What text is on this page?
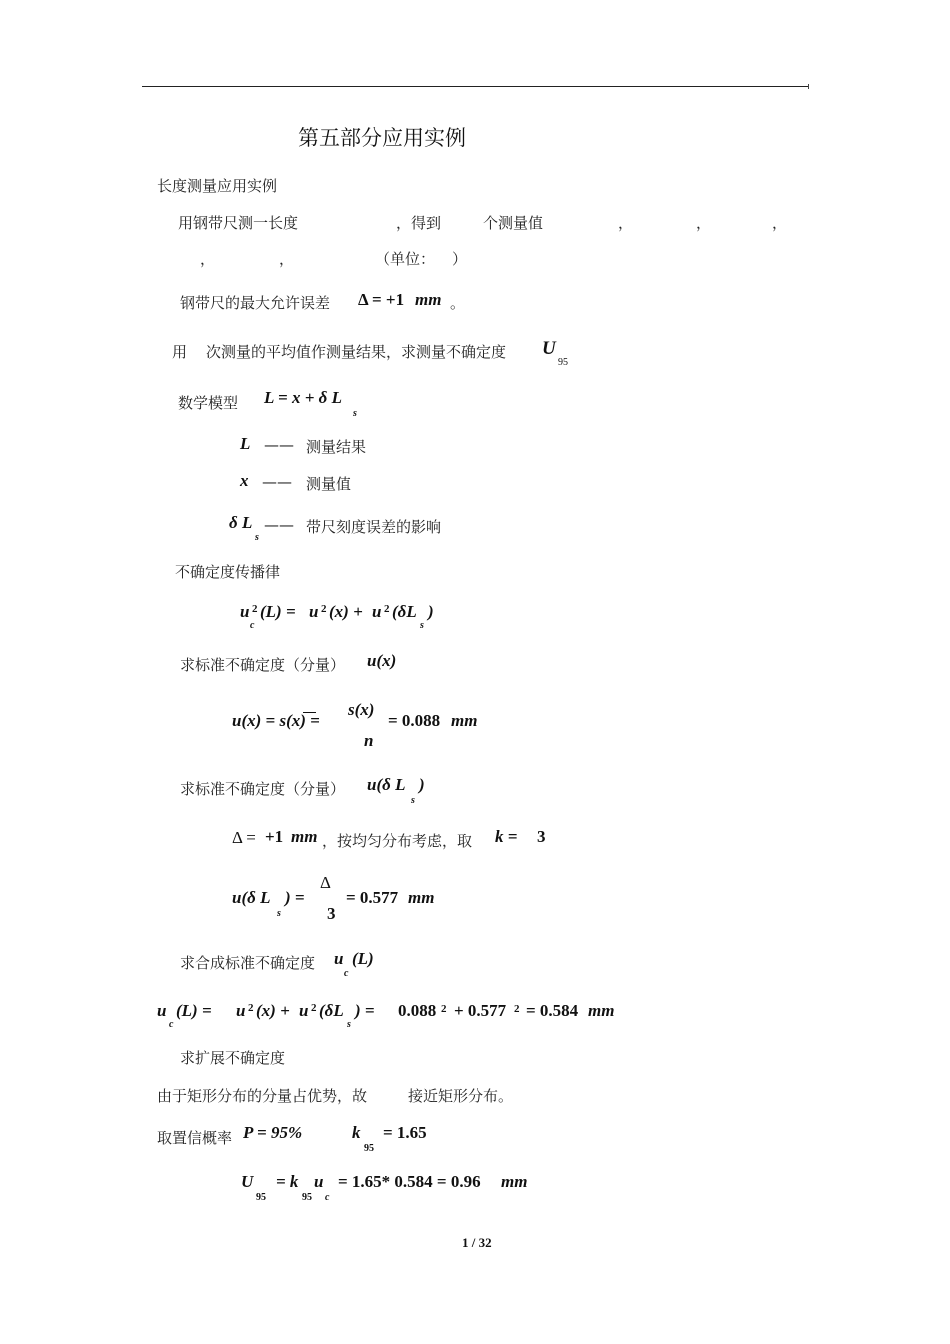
第五部分应用实例
长度测量应用实例
用钢带尺测一长度	，得到	个测量值	，	，	，
，	，	（单位： ）
钢带尺的最大允许误差 Δ = +1 mm 。
用 次测量的平均值作测量结果，求测量不确定度 U
95
数学模型 L = x + δ L
s
L —— 测量结果
x —— 测量值
δ L
s
—— 带尺刻度误差的影响
不确定度传播律
u 2
c
(L) = u 2 (x) + u 2 (δL
s
)
求标准不确定度（分量） u(x)
u(x) = s(x) =
s(x)
n
= 0.088 mm
求标准不确定度（分量） u(δ L
s
)
Δ = +1 mm ，按均匀分布考虑，取 k = 3
u(δ L
s
) =
Δ
3
= 0.577 mm
求合成标准不确定度 u
c
(L)
u
c
(L) = u 2 (x) + u 2 (δL
s
) = 0.088 2 + 0.577 2 = 0.584 mm
求扩展不确定度
由于矩形分布的分量占优势，故	接近矩形分布。
取置信概率 P = 95%	k
95
= 1.65
U
95
= k
95
u
c
= 1.65* 0.584 = 0.96 mm
1 / 32
